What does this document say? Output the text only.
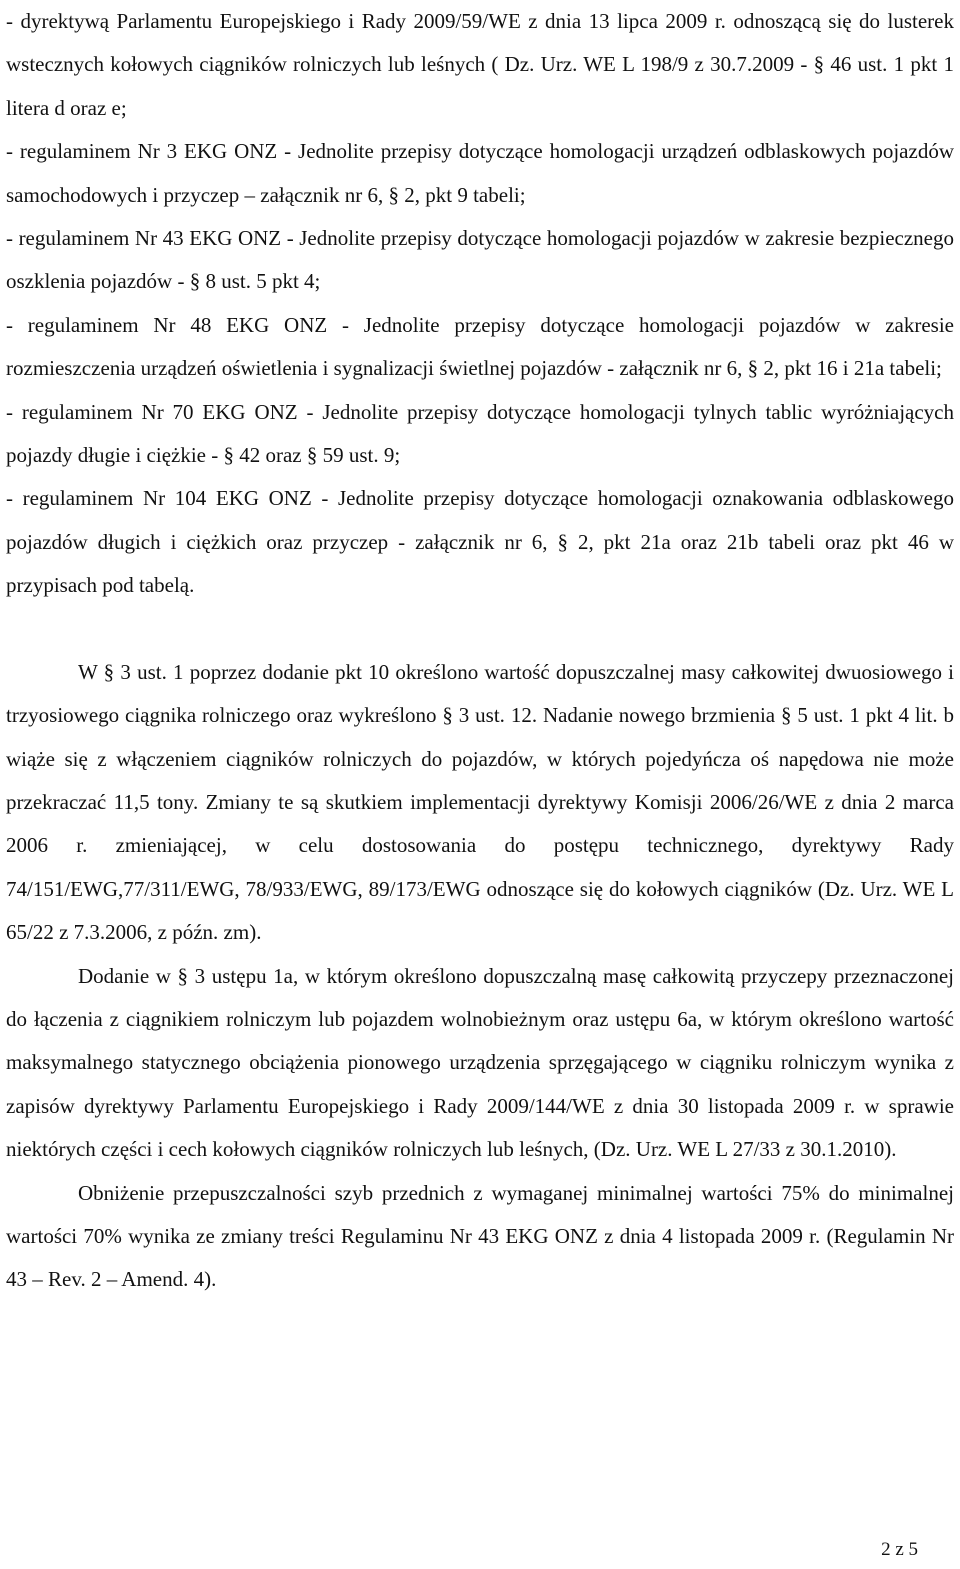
- dyrektywą Parlamentu Europejskiego i Rady 2009/59/WE z dnia 13 lipca 2009 r. odnoszącą się do lusterek wstecznych kołowych ciągników rolniczych lub leśnych ( Dz. Urz. WE L 198/9 z 30.7.2009 - § 46 ust. 1 pkt 1 litera d oraz e;

- regulaminem Nr 3 EKG ONZ - Jednolite przepisy dotyczące homologacji urządzeń odblaskowych pojazdów samochodowych i przyczep – załącznik nr 6, § 2, pkt 9 tabeli;

- regulaminem Nr 43 EKG ONZ - Jednolite przepisy dotyczące homologacji pojazdów w zakresie bezpiecznego oszklenia pojazdów - § 8 ust. 5 pkt 4;

- regulaminem Nr 48 EKG ONZ - Jednolite przepisy dotyczące homologacji pojazdów w zakresie rozmieszczenia urządzeń oświetlenia i sygnalizacji świetlnej pojazdów - załącznik nr 6, § 2, pkt 16 i 21a tabeli;

- regulaminem Nr 70 EKG ONZ - Jednolite przepisy dotyczące homologacji tylnych tablic wyróżniających pojazdy długie i ciężkie - § 42 oraz § 59 ust. 9;

- regulaminem Nr 104 EKG ONZ - Jednolite przepisy dotyczące homologacji oznakowania odblaskowego pojazdów długich i ciężkich oraz przyczep - załącznik nr 6, § 2, pkt 21a oraz 21b tabeli oraz pkt 46 w przypisach pod tabelą.

W § 3 ust. 1 poprzez dodanie pkt 10 określono wartość dopuszczalnej masy całkowitej dwuosiowego i trzyosiowego ciągnika rolniczego oraz wykreślono § 3 ust. 12. Nadanie nowego brzmienia § 5 ust. 1 pkt 4 lit. b wiąże się z włączeniem ciągników rolniczych do pojazdów, w których pojedyńcza oś napędowa nie może przekraczać 11,5 tony. Zmiany te są skutkiem implementacji dyrektywy Komisji 2006/26/WE z dnia 2 marca 2006 r. zmieniającej, w celu dostosowania do postępu technicznego, dyrektywy Rady 74/151/EWG,77/311/EWG, 78/933/EWG, 89/173/EWG odnoszące się do kołowych ciągników (Dz. Urz. WE L 65/22 z 7.3.2006, z późn. zm).

Dodanie w § 3 ustępu 1a, w którym określono dopuszczalną masę całkowitą przyczepy przeznaczonej do łączenia z ciągnikiem rolniczym lub pojazdem wolnobieżnym oraz ustępu 6a, w którym określono wartość maksymalnego statycznego obciążenia pionowego urządzenia sprzęgającego w ciągniku rolniczym wynika z zapisów dyrektywy Parlamentu Europejskiego i Rady 2009/144/WE z dnia 30 listopada 2009 r. w sprawie niektórych części i cech kołowych ciągników rolniczych lub leśnych, (Dz. Urz. WE L 27/33 z 30.1.2010).

Obniżenie przepuszczalności szyb przednich z wymaganej minimalnej wartości 75% do minimalnej wartości 70% wynika ze zmiany treści Regulaminu Nr 43 EKG ONZ z dnia 4 listopada 2009 r. (Regulamin Nr 43 – Rev. 2 – Amend. 4).

2 z 5
